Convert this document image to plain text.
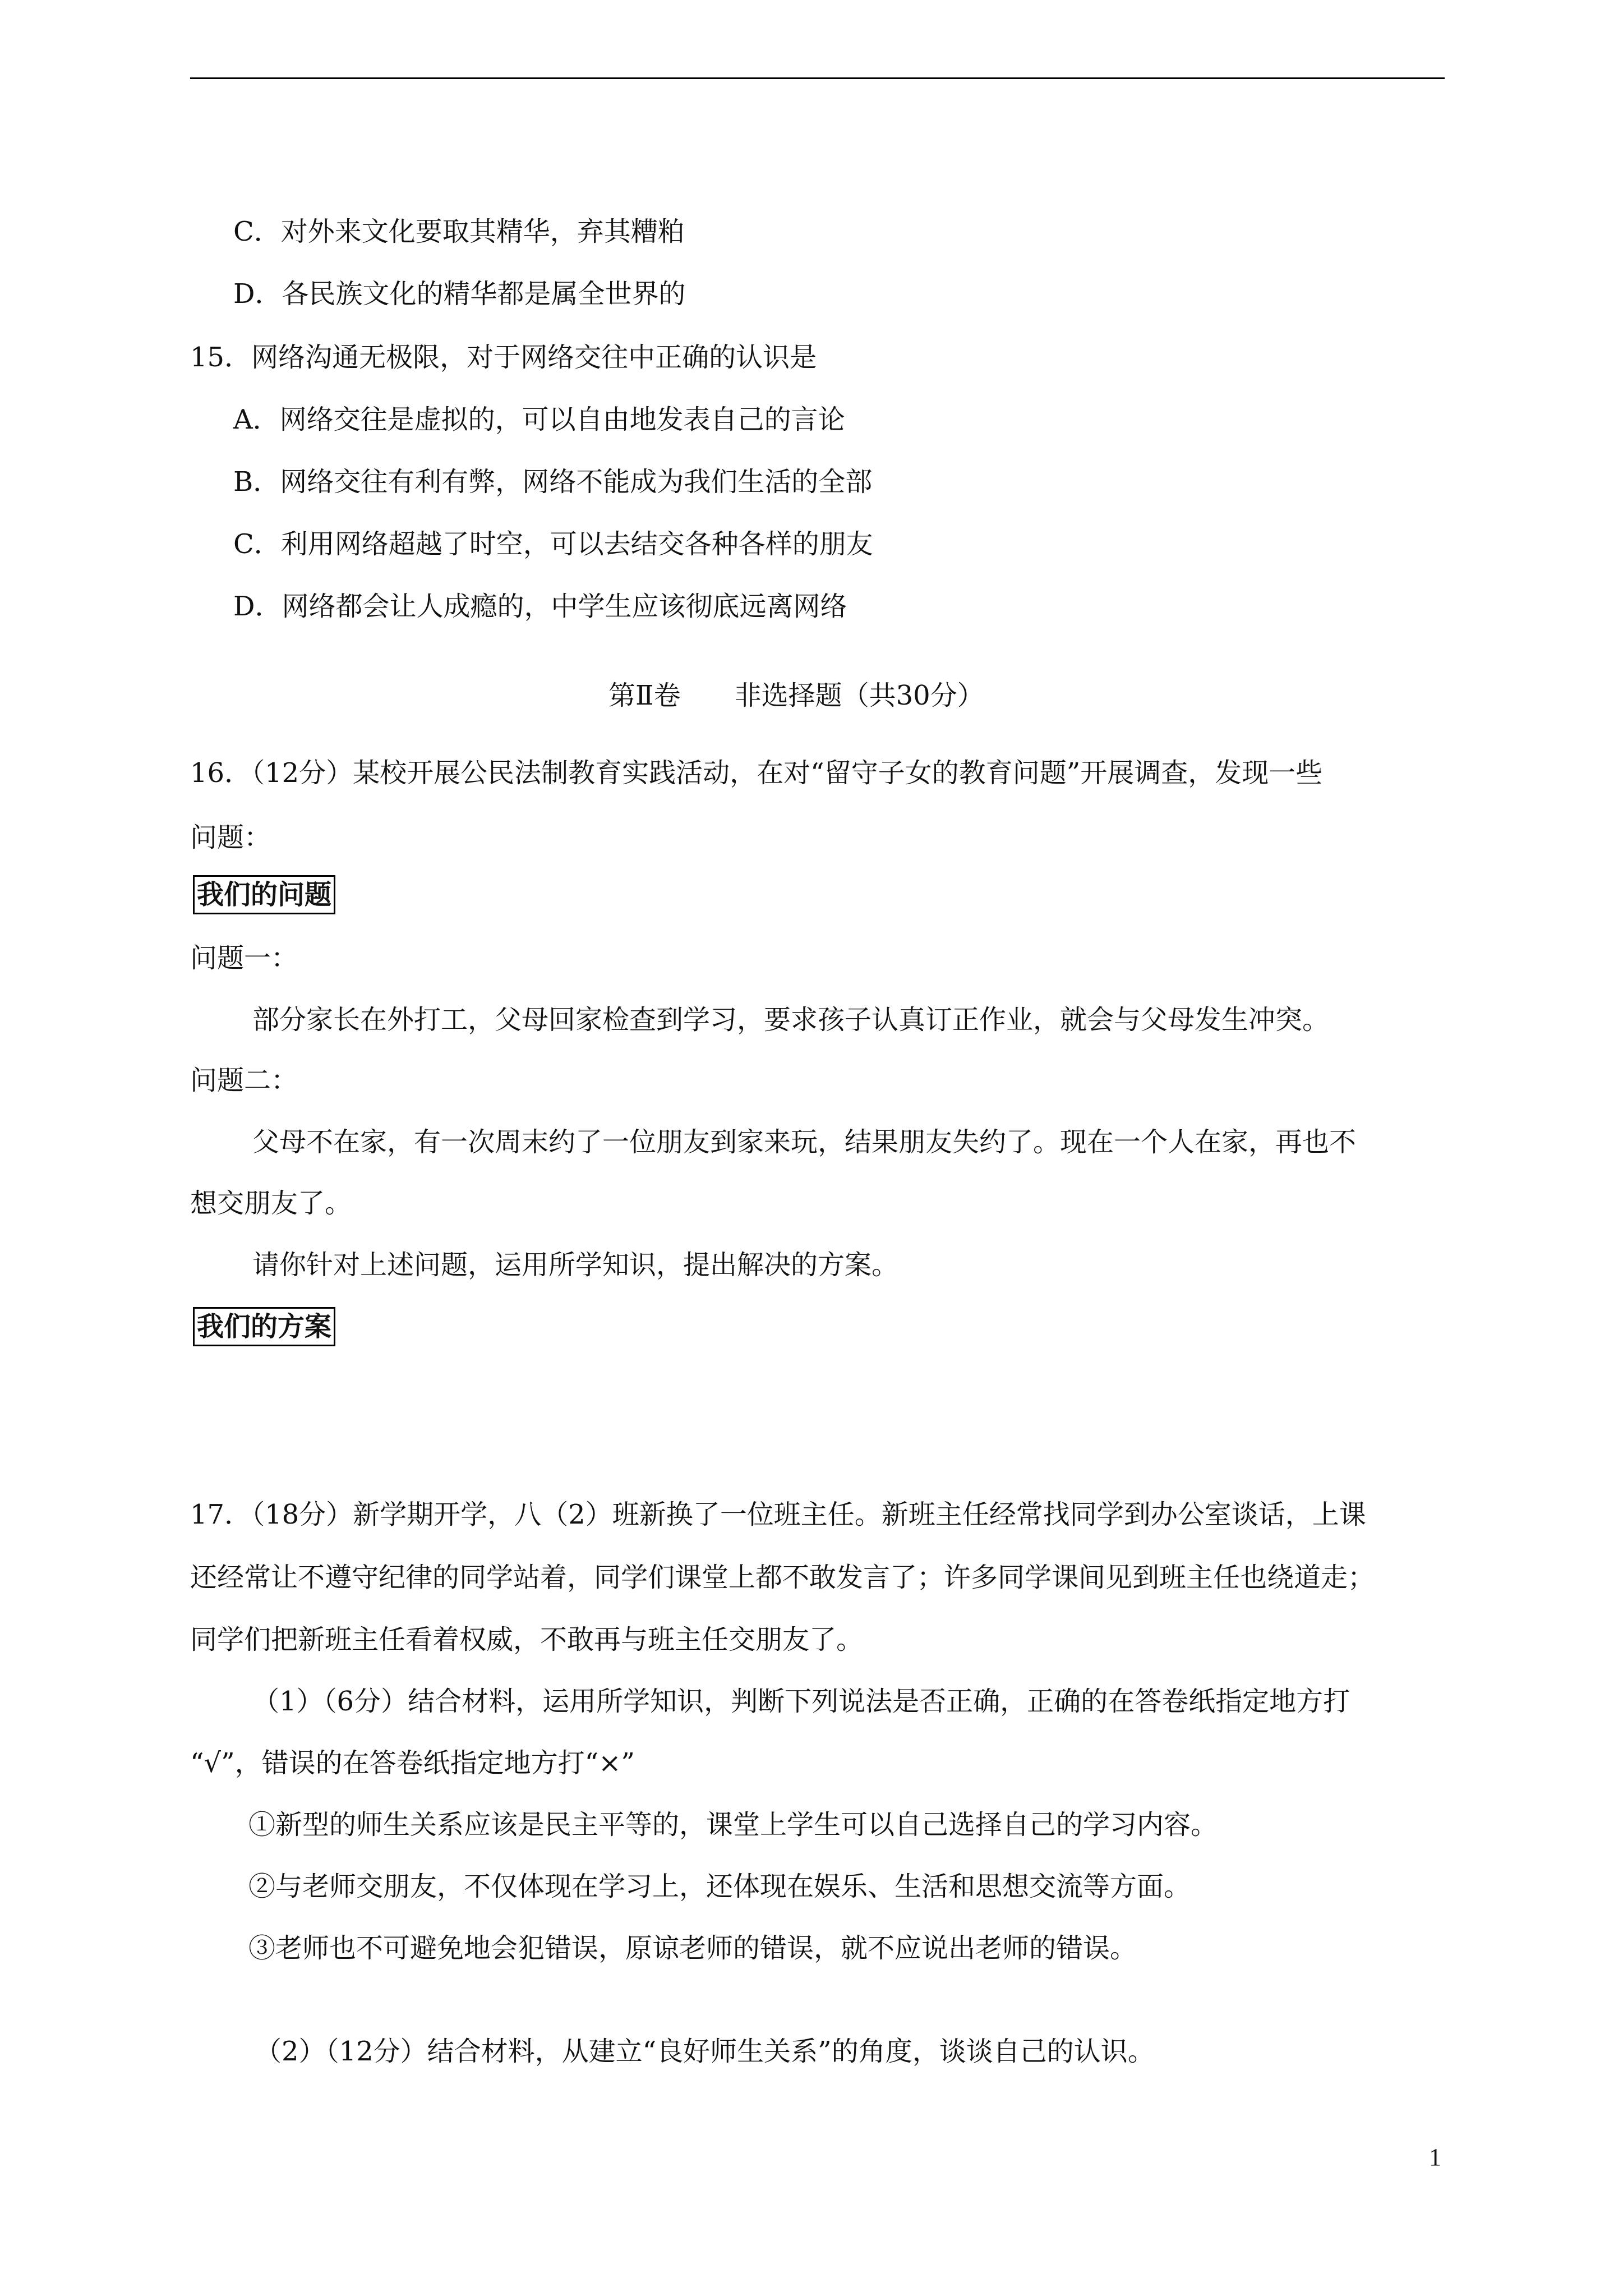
C．对外来文化要取其精华，弃其糟粕
D．各民族文化的精华都是属全世界的
15．网络沟通无极限，对于网络交往中正确的认识是
A．网络交往是虚拟的，可以自由地发表自己的言论
B．网络交往有利有弊，网络不能成为我们生活的全部
C．利用网络超越了时空，可以去结交各种各样的朋友
D．网络都会让人成瘾的，中学生应该彻底远离网络
第Ⅱ卷　　非选择题（共30分）
16．（12分）某校开展公民法制教育实践活动，在对“留守子女的教育问题”开展调查，发现一些
问题：
我们的问题
问题一：
部分家长在外打工，父母回家检查到学习，要求孩子认真订正作业，就会与父母发生冲突。
问题二：
父母不在家，有一次周末约了一位朋友到家来玩，结果朋友失约了。现在一个人在家，再也不
想交朋友了。
请你针对上述问题，运用所学知识，提出解决的方案。
我们的方案
17．（18分）新学期开学，八（2）班新换了一位班主任。新班主任经常找同学到办公室谈话，上课
还经常让不遵守纪律的同学站着，同学们课堂上都不敢发言了；许多同学课间见到班主任也绕道走；
同学们把新班主任看着权威，不敢再与班主任交朋友了。
（1）（6分）结合材料，运用所学知识，判断下列说法是否正确，正确的在答卷纸指定地方打
“√”，错误的在答卷纸指定地方打“×”
①新型的师生关系应该是民主平等的，课堂上学生可以自己选择自己的学习内容。
②与老师交朋友，不仅体现在学习上，还体现在娱乐、生活和思想交流等方面。
③老师也不可避免地会犯错误，原谅老师的错误，就不应说出老师的错误。
（2）（12分）结合材料，从建立“良好师生关系”的角度，谈谈自己的认识。
1
